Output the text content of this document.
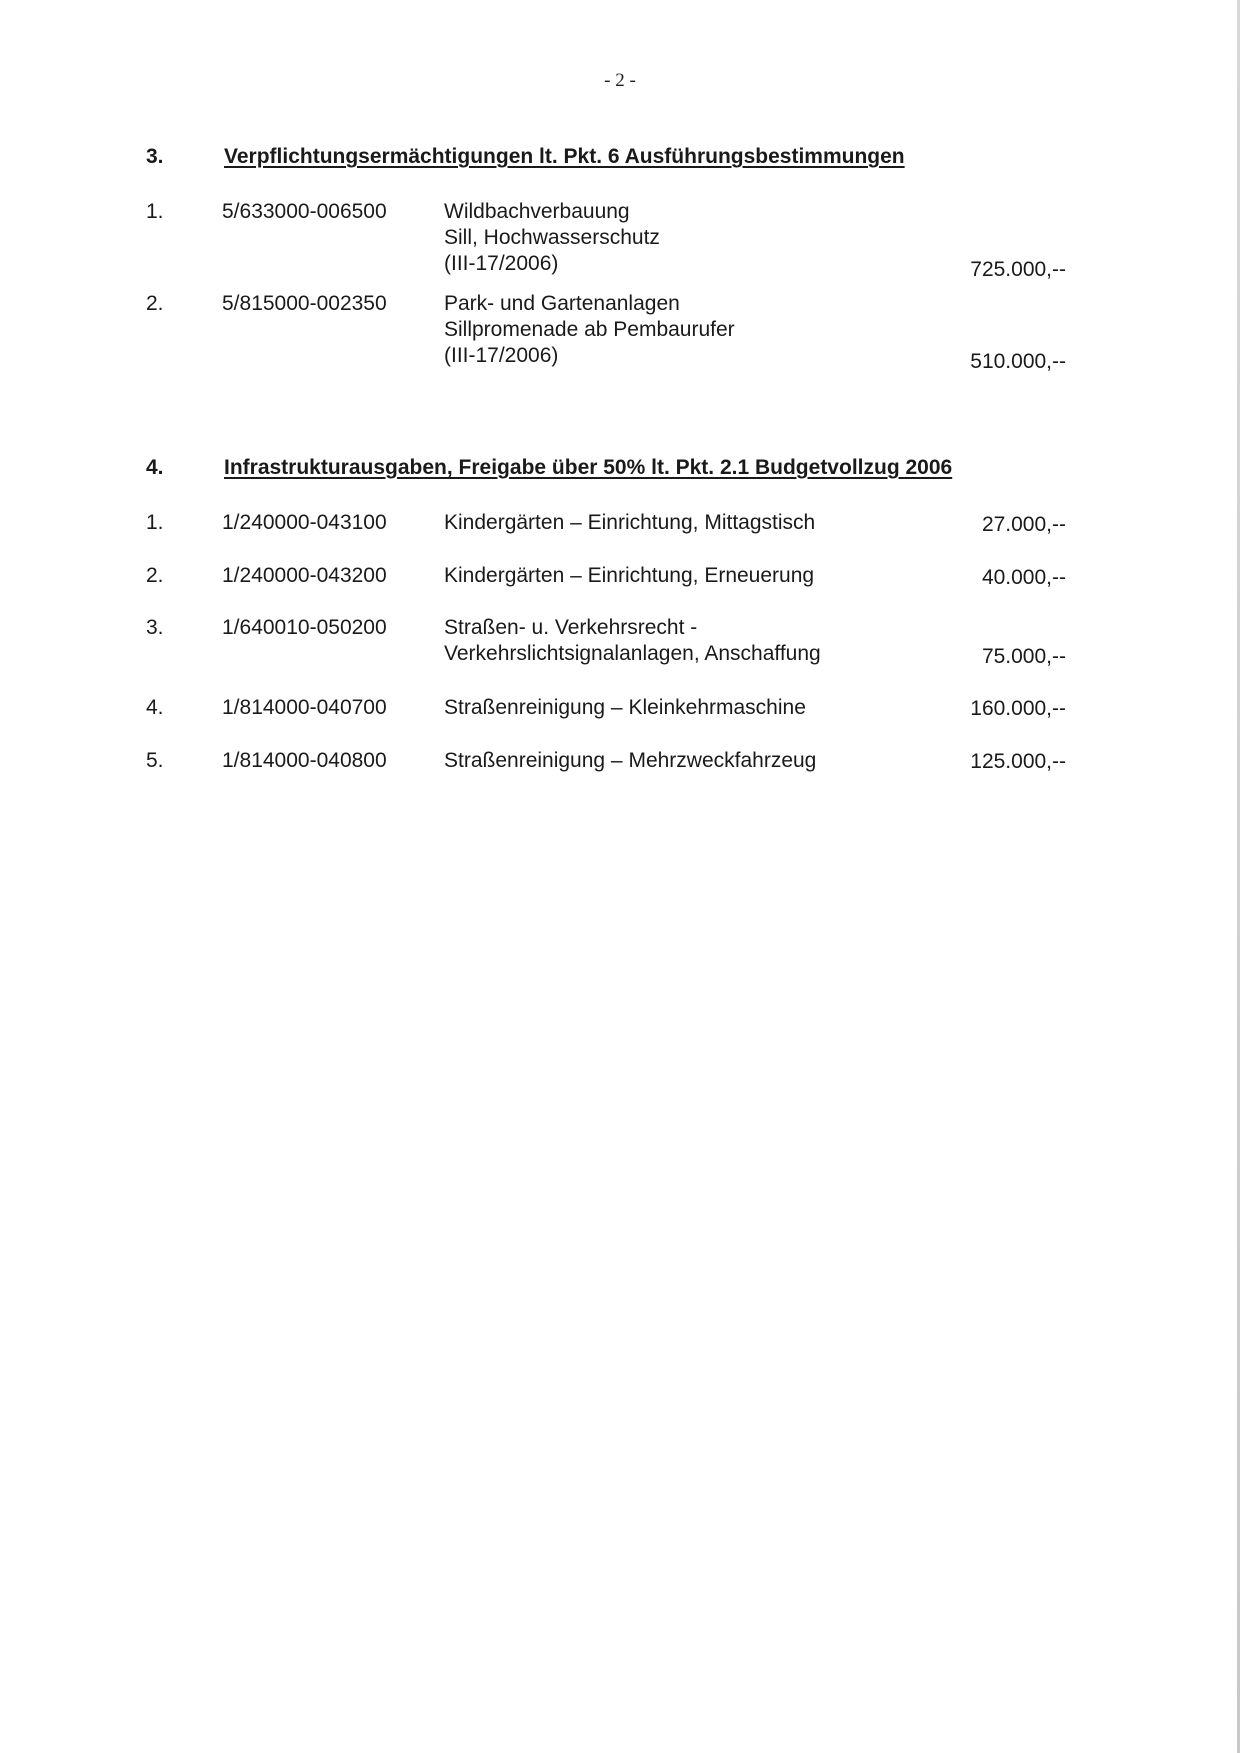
- 2 -
3.	Verpflichtungsermächtigungen lt. Pkt. 6 Ausführungsbestimmungen
1.	5/633000-006500	Wildbachverbauung
Sill, Hochwasserschutz
(III-17/2006)	725.000,--
2.	5/815000-002350	Park- und Gartenanlagen
Sillpromenade ab Pembaurufer
(III-17/2006)	510.000,--
4.	Infrastrukturausgaben, Freigabe über 50% lt. Pkt. 2.1 Budgetvollzug 2006
1.	1/240000-043100	Kindergärten – Einrichtung, Mittagstisch	27.000,--
2.	1/240000-043200	Kindergärten – Einrichtung, Erneuerung	40.000,--
3.	1/640010-050200	Straßen- u. Verkehrsrecht -
Verkehrslichtsignalanlagen, Anschaffung	75.000,--
4.	1/814000-040700	Straßenreinigung – Kleinkehrmaschine	160.000,--
5.	1/814000-040800	Straßenreinigung – Mehrzweckfahrzeug	125.000,--
